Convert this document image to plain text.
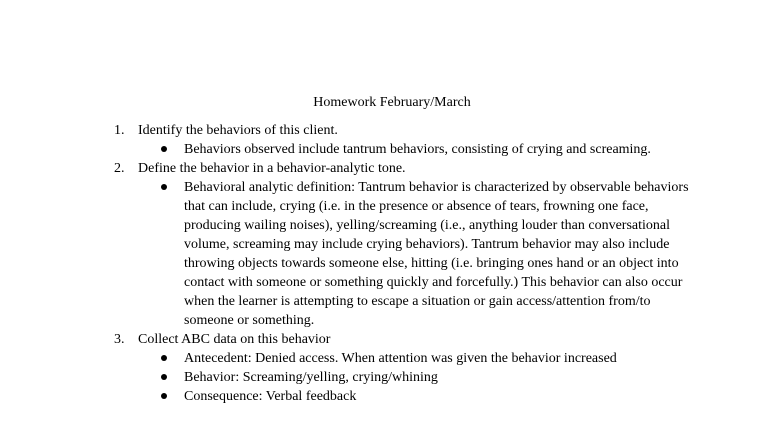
Homework February/March
1. Identify the behaviors of this client.
Behaviors observed include tantrum behaviors, consisting of crying and screaming.
2. Define the behavior in a behavior-analytic tone.
Behavioral analytic definition: Tantrum behavior is characterized by observable behaviors that can include, crying (i.e. in the presence or absence of tears, frowning one face, producing wailing noises), yelling/screaming (i.e., anything louder than conversational volume, screaming may include crying behaviors). Tantrum behavior may also include throwing objects towards someone else, hitting (i.e. bringing ones hand or an object into contact with someone or something quickly and forcefully.) This behavior can also occur when the learner is attempting to escape a situation or gain access/attention from/to someone or something.
3. Collect ABC data on this behavior
Antecedent: Denied access. When attention was given the behavior increased
Behavior: Screaming/yelling, crying/whining
Consequence: Verbal feedback
